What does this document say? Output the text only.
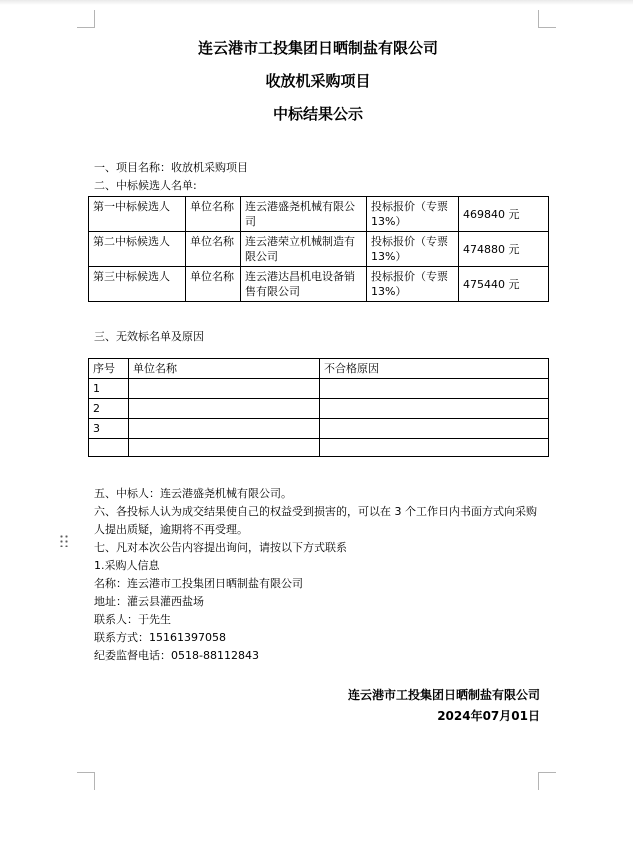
连云港市工投集团日晒制盐有限公司
收放机采购项目
中标结果公示
一、项目名称：收放机采购项目
二、中标候选人名单:
第一中标候选人	单位名称	连云港盛尧机械有限公司	投标报价（专票13%）	469840 元
第二中标候选人	单位名称	连云港荣立机械制造有限公司	投标报价（专票13%）	474880 元
第三中标候选人	单位名称	连云港达昌机电设备销售有限公司	投标报价（专票13%）	475440 元
三、无效标名单及原因
序号	单位名称	不合格原因
1		
2		
3		

五、中标人：连云港盛尧机械有限公司。
六、各投标人认为成交结果使自己的权益受到损害的，可以在 3 个工作日内书面方式向采购
人提出质疑，逾期将不再受理。
七、凡对本次公告内容提出询问，请按以下方式联系
1.采购人信息
名称：连云港市工投集团日晒制盐有限公司
地址：灌云县灌西盐场
联系人：于先生
联系方式：15161397058
纪委监督电话：0518-88112843
连云港市工投集团日晒制盐有限公司
2024年07月01日
